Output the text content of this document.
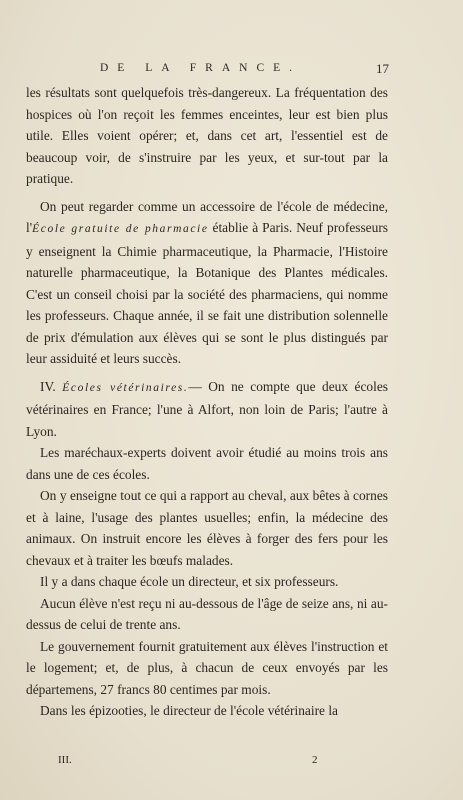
DE LA FRANCE.	17

les résultats sont quelquefois très-dangereux. La fréquentation des hospices où l'on reçoit les femmes enceintes, leur est bien plus utile. Elles voient opérer; et, dans cet art, l'essentiel est de beaucoup voir, de s'instruire par les yeux, et sur-tout par la pratique.

On peut regarder comme un accessoire de l'école de médecine, l'École gratuite de pharmacie établie à Paris. Neuf professeurs y enseignent la Chimie pharmaceutique, la Pharmacie, l'Histoire naturelle pharmaceutique, la Botanique des Plantes médicales. C'est un conseil choisi par la société des pharmaciens, qui nomme les professeurs. Chaque année, il se fait une distribution solennelle de prix d'émulation aux élèves qui se sont le plus distingués par leur assiduité et leurs succès.

IV. Écoles vétérinaires.— On ne compte que deux écoles vétérinaires en France; l'une à Alfort, non loin de Paris; l'autre à Lyon.

Les maréchaux-experts doivent avoir étudié au moins trois ans dans une de ces écoles.

On y enseigne tout ce qui a rapport au cheval, aux bêtes à cornes et à laine, l'usage des plantes usuelles; enfin, la médecine des animaux. On instruit encore les élèves à forger des fers pour les chevaux et à traiter les bœufs malades.

Il y a dans chaque école un directeur, et six professeurs.

Aucun élève n'est reçu ni au-dessous de l'âge de seize ans, ni au-dessus de celui de trente ans.

Le gouvernement fournit gratuitement aux élèves l'instruction et le logement; et, de plus, à chacun de ceux envoyés par les départemens, 27 francs 80 centimes par mois.

Dans les épizooties, le directeur de l'école vétérinaire la

III.	2
